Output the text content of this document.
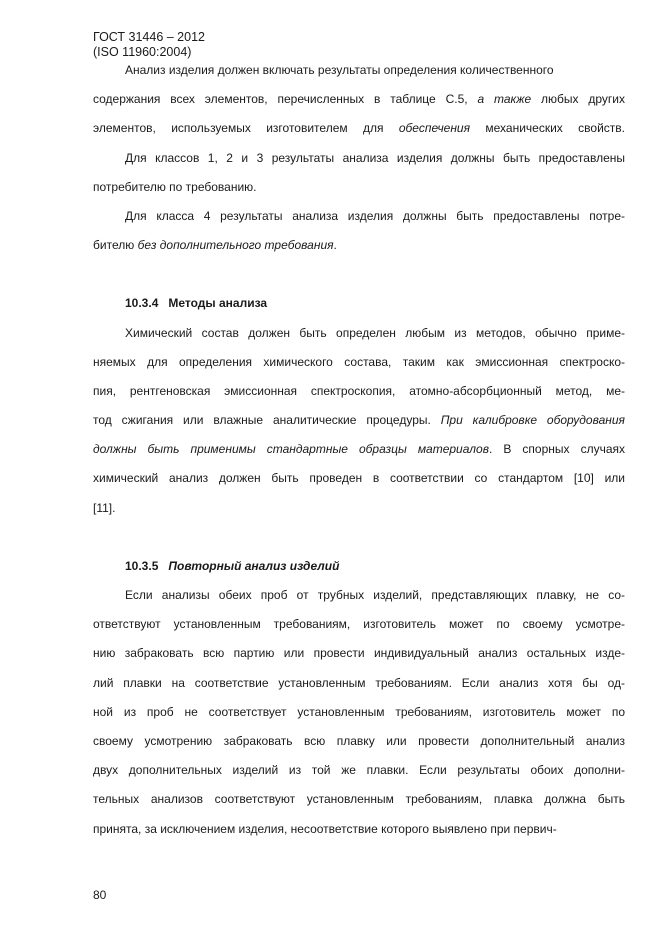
ГОСТ 31446 – 2012
(ISO 11960:2004)
Анализ изделия должен включать результаты определения количественного
содержания всех элементов, перечисленных в таблице C.5, а также любых других
элементов, используемых изготовителем для обеспечения механических свойств.
Для классов 1, 2 и 3 результаты анализа изделия должны быть предоставлены
потребителю по требованию.
Для класса 4 результаты анализа изделия должны быть предоставлены потре-
бителю без дополнительного требования.
10.3.4 Методы анализа
Химический состав должен быть определен любым из методов, обычно приме-
няемых для определения химического состава, таким как эмиссионная спектроско-
пия, рентгеновская эмиссионная спектроскопия, атомно-абсорбционный метод, ме-
тод сжигания или влажные аналитические процедуры. При калибровке оборудования
должны быть применимы стандартные образцы материалов. В спорных случаях
химический анализ должен быть проведен в соответствии со стандартом [10] или
[11].
10.3.5 Повторный анализ изделий
Если анализы обеих проб от трубных изделий, представляющих плавку, не со-
ответствуют установленным требованиям, изготовитель может по своему усмотре-
нию забраковать всю партию или провести индивидуальный анализ остальных изде-
лий плавки на соответствие установленным требованиям. Если анализ хотя бы од-
ной из проб не соответствует установленным требованиям, изготовитель может по
своему усмотрению забраковать всю плавку или провести дополнительный анализ
двух дополнительных изделий из той же плавки. Если результаты обоих дополни-
тельных анализов соответствуют установленным требованиям, плавка должна быть
принята, за исключением изделия, несоответствие которого выявлено при первич-
80
